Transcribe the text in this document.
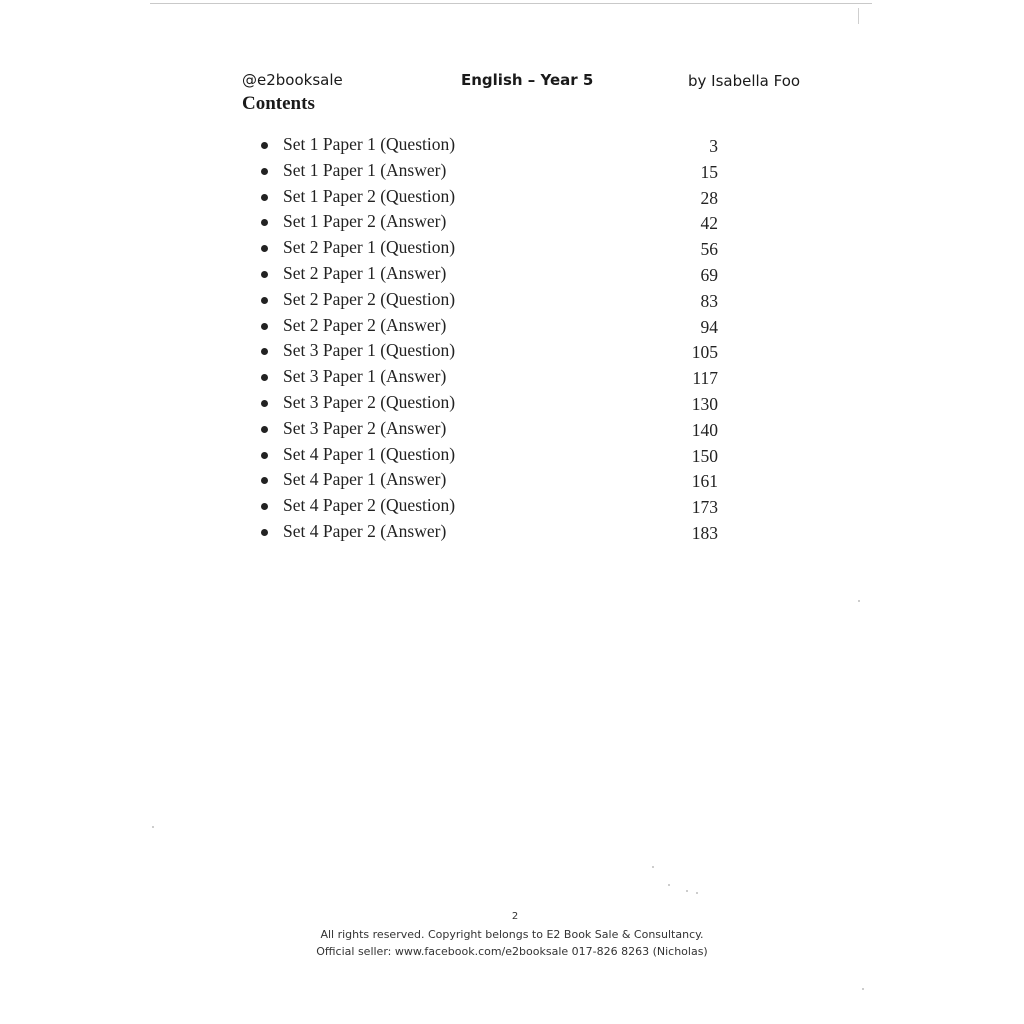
@e2booksale	English – Year 5	by Isabella Foo
Contents
Set 1 Paper 1 (Question)	3
Set 1 Paper 1 (Answer)	15
Set 1 Paper 2 (Question)	28
Set 1 Paper 2 (Answer)	42
Set 2 Paper 1 (Question)	56
Set 2 Paper 1 (Answer)	69
Set 2 Paper 2 (Question)	83
Set 2 Paper 2 (Answer)	94
Set 3 Paper 1 (Question)	105
Set 3 Paper 1 (Answer)	117
Set 3 Paper 2 (Question)	130
Set 3 Paper 2 (Answer)	140
Set 4 Paper 1 (Question)	150
Set 4 Paper 1 (Answer)	161
Set 4 Paper 2 (Question)	173
Set 4 Paper 2 (Answer)	183
2
All rights reserved. Copyright belongs to E2 Book Sale & Consultancy.
Official seller: www.facebook.com/e2booksale 017-826 8263 (Nicholas)
